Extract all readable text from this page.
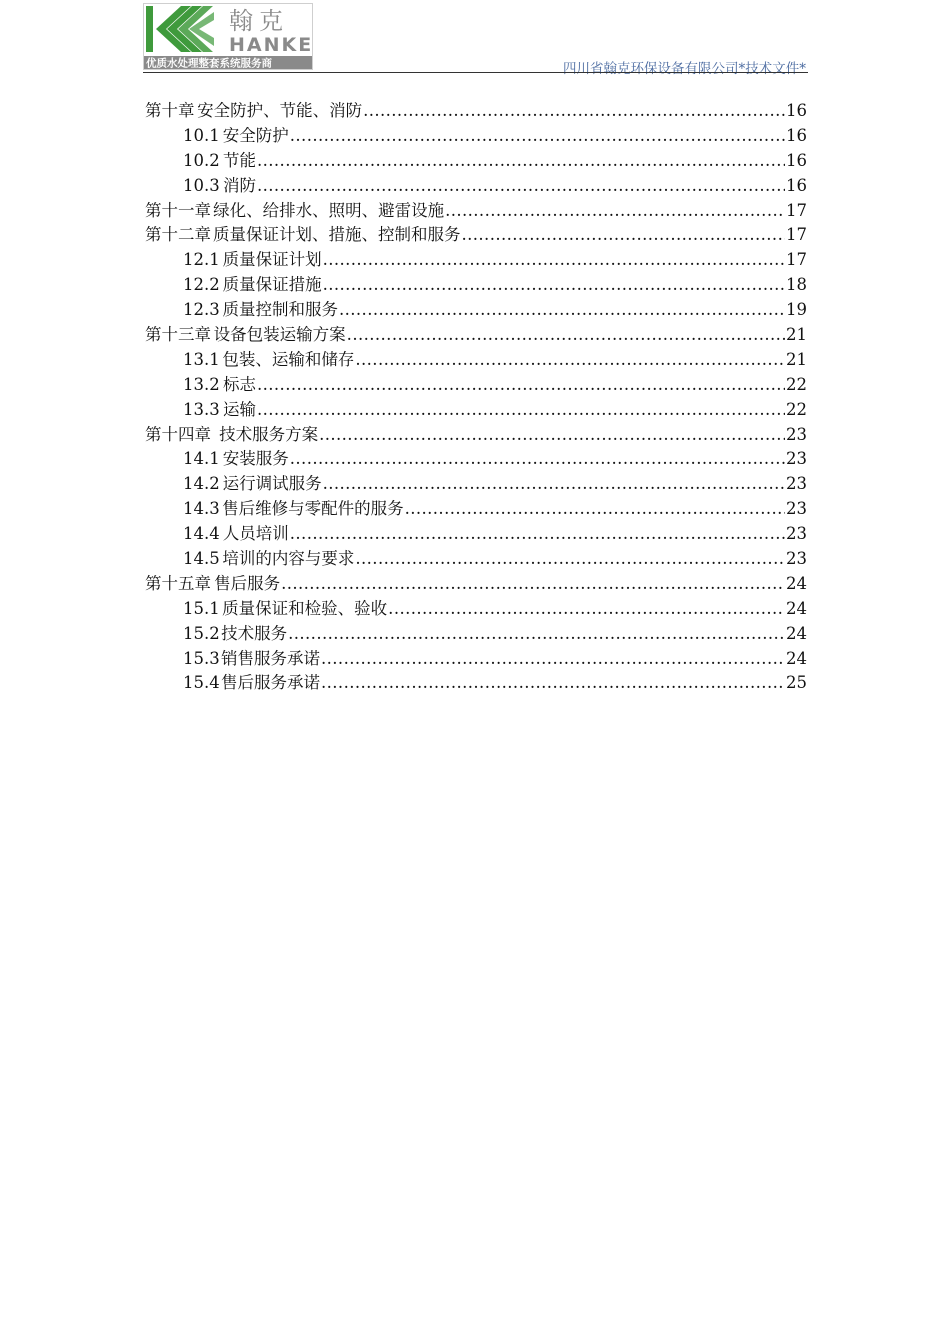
翰克
HANKE
优质水处理整套系统服务商	四川省翰克环保设备有限公司*技术文件*
第十章 安全防护、节能、消防 .....	16
10.1 安全防护 .....	16
10.2 节能 .....	16
10.3 消防 .....	16
第十一章 绿化、给排水、照明、避雷设施 .....	17
第十二章 质量保证计划、措施、控制和服务 .....	17
12.1 质量保证计划 .....	17
12.2 质量保证措施 .....	18
12.3 质量控制和服务 .....	19
第十三章 设备包装运输方案 .....	21
13.1 包装、运输和储存 .....	21
13.2 标志 .....	22
13.3 运输 .....	22
第十四章 技术服务方案 .....	23
14.1 安装服务 .....	23
14.2 运行调试服务 .....	23
14.3 售后维修与零配件的服务 .....	23
14.4 人员培训 .....	23
14.5 培训的内容与要求 .....	23
第十五章 售后服务 .....	24
15.1 质量保证和检验、验收 .....	24
15.2 技术服务 .....	24
15.3 销售服务承诺 .....	24
15.4 售后服务承诺 .....	25
